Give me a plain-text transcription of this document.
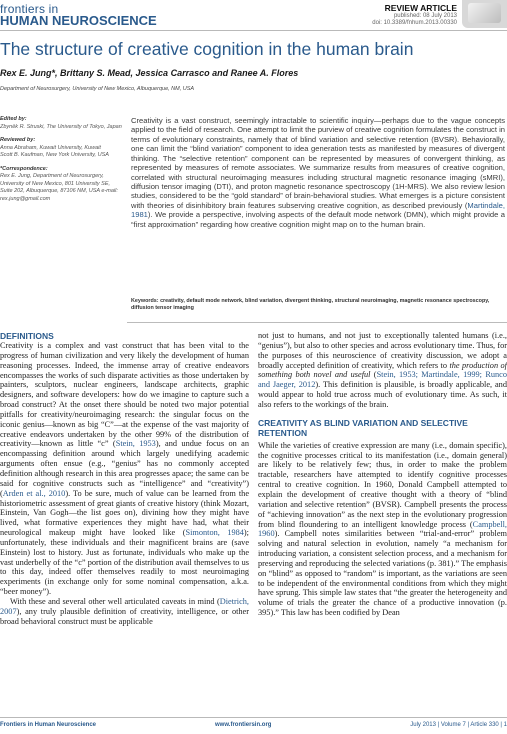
frontiers in
HUMAN NEUROSCIENCE
REVIEW ARTICLE
published: 08 July 2013
doi: 10.3389/fnhum.2013.00330
The structure of creative cognition in the human brain
Rex E. Jung*, Brittany S. Mead, Jessica Carrasco and Ranee A. Flores
Department of Neurosurgery, University of New Mexico, Albuquerque, NM, USA
Edited by:
Zbyněk R. Struski, The University of Tokyo, Japan
Reviewed by:
Anna Abraham, Kuwait University, Kuwait
Scott B. Kaufman, New York University, USA
*Correspondence:
Rex E. Jung, Department of Neurosurgery, University of New Mexico, 801 University SE, Suite 202, Albuquerque, 87106 NM, USA e-mail: rex.jung@gmail.com
Creativity is a vast construct, seemingly intractable to scientific inquiry—perhaps due to the vague concepts applied to the field of research. One attempt to limit the purview of creative cognition formulates the construct in terms of evolutionary constraints, namely that of blind variation and selective retention (BVSR). Behaviorally, one can limit the “blind variation” component to idea generation tests as manifested by measures of divergent thinking. The “selective retention” component can be represented by measures of convergent thinking, as represented by measures of remote associates. We summarize results from measures of creative cognition, correlated with structural neuroimaging measures including structural magnetic resonance imaging (sMRI), diffusion tensor imaging (DTI), and proton magnetic resonance spectroscopy (1H-MRS). We also review lesion studies, considered to be the “gold standard” of brain-behavioral studies. What emerges is a picture consistent with theories of disinhibitory brain features subserving creative cognition, as described previously (Martindale, 1981). We provide a perspective, involving aspects of the default mode network (DMN), which might provide a “first approximation” regarding how creative cognition might map on to the human brain.
Keywords: creativity, default mode network, blind variation, divergent thinking, structural neuroimaging, magnetic resonance spectroscopy, diffusion tensor imaging
DEFINITIONS

Creativity is a complex and vast construct that has been vital to the progress of human civilization and very likely the development of human reasoning processes. Indeed, the immense array of creative endeavors encompasses the works of such disparate activities as those undertaken by painters, sculptors, nuclear engineers, landscape architects, graphic designers, and software developers: how do we imagine to capture such a broad construct? At the onset there should be noted two major potential pitfalls for creativity/neuroimaging research: the singular focus on the iconic genius—known as big “C”—at the expense of the vast majority of creative endeavors undertaken by the other 99% of the distribution of creativity—known as little “c” (Stein, 1953), and undue focus on an encompassing definition around which largely unedifying academic arguments often ensue (e.g., “genius” has no commonly accepted definition although research in this area progresses apace; the same can be said for cognitive constructs such as “intelligence” and “creativity”) (Arden et al., 2010). To be sure, much of value can be learned from the historiometric assessment of great giants of creative history (think Mozart, Einstein, Van Gogh—the list goes on), divining how they might have lived, what formative experiences they might have had, what their neurological makeup might have looked like (Simonton, 1984); unfortunately, these individuals and their magnificent brains are (save Einstein) lost to history. Just as fortunate, individuals who make up the vast underbelly of the “c” portion of the distribution avail themselves to us to this day, indeed offer themselves readily to most neuroimaging experiments (in exchange only for some nominal compensation, a.k.a. “beer money”).

With these and several other well articulated caveats in mind (Dietrich, 2007), any truly plausible definition of creativity, intelligence, or other broad behavioral construct must be applicable

not just to humans, and not just to exceptionally talented humans (i.e., “genius”), but also to other species and across evolutionary time. Thus, for the purposes of this neuroscience of creativity discussion, we adopt a broadly accepted definition of creativity, which refers to the production of something both novel and useful (Stein, 1953; Martindale, 1999; Runco and Jaeger, 2012). This definition is plausible, is broadly applicable, and would appear to hold true across much of evolutionary time. As such, it also refers to the workings of the brain.

CREATIVITY AS BLIND VARIATION AND SELECTIVE RETENTION

While the varieties of creative expression are many (i.e., domain specific), the cognitive processes critical to its manifestation (i.e., domain general) are likely to be relatively few; thus, in order to make the problem tractable, researchers have attempted to identify cognitive processes central to creative cognition. In 1960, Donald Campbell attempted to explain the development of creative thought with a theory of “blind variation and selective retention” (BVSR). Campbell presents the process of “achieving innovation” as the next step in the evolutionary progression from blind floundering to an intelligent knowledge process (Campbell, 1960). Campbell notes similarities between “trial-and-error” problem solving and natural selection in evolution, namely “a mechanism for introducing variation, a consistent selection process, and a mechanism for preserving and reproducing the selected variations (p. 381).” The emphasis on “blind” as opposed to “random” is important, as the variations are seen to be independent of the environmental conditions from which they might have sprung. This simple law states that “the greater the heterogeneity and volume of trials the greater the chance of a productive innovation (p. 395).” This law has been codified by Dean

Frontiers in Human Neuroscience	www.frontiersin.org	July 2013 | Volume 7 | Article 330 | 1
